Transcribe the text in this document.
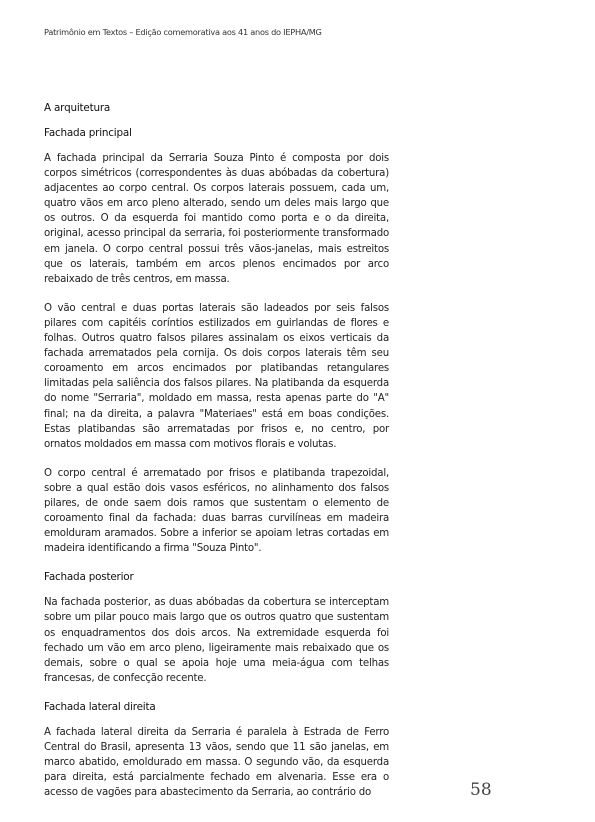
Patrimônio em Textos – Edição comemorativa aos 41 anos do IEPHA/MG
A arquitetura
Fachada principal

A fachada principal da Serraria Souza Pinto é composta por dois corpos simétricos (correspondentes às duas abóbadas da cobertura) adjacentes ao corpo central. Os corpos laterais possuem, cada um, quatro vãos em arco pleno alterado, sendo um deles mais largo que os outros. O da esquerda foi mantido como porta e o da direita, original, acesso principal da serraria, foi posteriormente transformado em janela. O corpo central possui três vãos-janelas, mais estreitos que os laterais, também em arcos plenos encimados por arco rebaixado de três centros, em massa.

O vão central e duas portas laterais são ladeados por seis falsos pilares com capitéis coríntios estilizados em guirlandas de flores e folhas. Outros quatro falsos pilares assinalam os eixos verticais da fachada arrematados pela cornija. Os dois corpos laterais têm seu coroamento em arcos encimados por platibandas retangulares limitadas pela saliência dos falsos pilares. Na platibanda da esquerda do nome "Serraria", moldado em massa, resta apenas parte do "A" final; na da direita, a palavra "Materiaes" está em boas condições. Estas platibandas são arrematadas por frisos e, no centro, por ornatos moldados em massa com motivos florais e volutas.

O corpo central é arrematado por frisos e platibanda trapezoidal, sobre a qual estão dois vasos esféricos, no alinhamento dos falsos pilares, de onde saem dois ramos que sustentam o elemento de coroamento final da fachada: duas barras curvilíneas em madeira emolduram aramados. Sobre a inferior se apoiam letras cortadas em madeira identificando a firma "Souza Pinto".

Fachada posterior

Na fachada posterior, as duas abóbadas da cobertura se interceptam sobre um pilar pouco mais largo que os outros quatro que sustentam os enquadramentos dos dois arcos. Na extremidade esquerda foi fechado um vão em arco pleno, ligeiramente mais rebaixado que os demais, sobre o qual se apoia hoje uma meia-água com telhas francesas, de confecção recente.

Fachada lateral direita

A fachada lateral direita da Serraria é paralela à Estrada de Ferro Central do Brasil, apresenta 13 vãos, sendo que 11 são janelas, em marco abatido, emoldurado em massa. O segundo vão, da esquerda para direita, está parcialmente fechado em alvenaria. Esse era o acesso de vagões para abastecimento da Serraria, ao contrário do	58
